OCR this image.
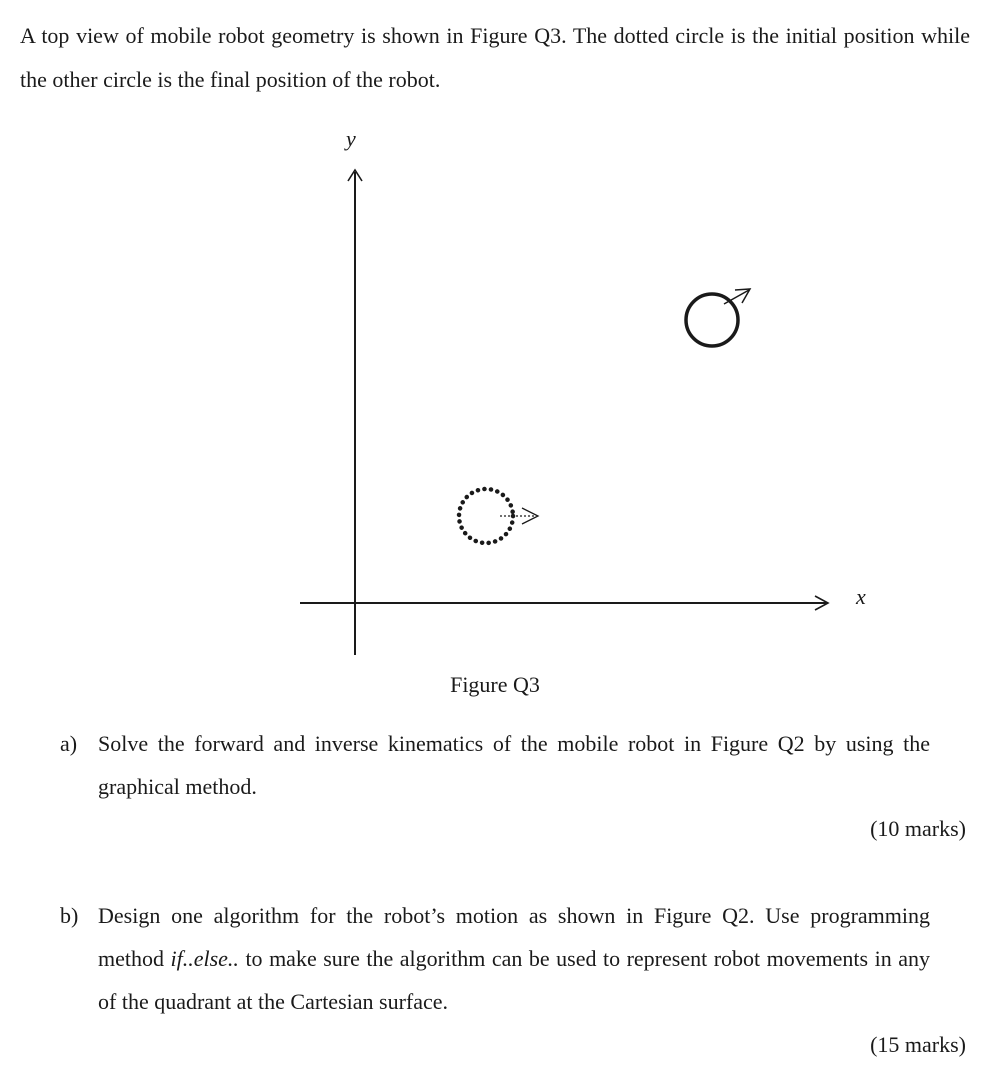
A top view of mobile robot geometry is shown in Figure Q3. The dotted circle is the initial position while the other circle is the final position of the robot.
y
x
Figure Q3
a) Solve the forward and inverse kinematics of the mobile robot in Figure Q2 by using the graphical method.
(10 marks)
b) Design one algorithm for the robot’s motion as shown in Figure Q2. Use programming method if..else.. to make sure the algorithm can be used to represent robot movements in any of the quadrant at the Cartesian surface.
(15 marks)
